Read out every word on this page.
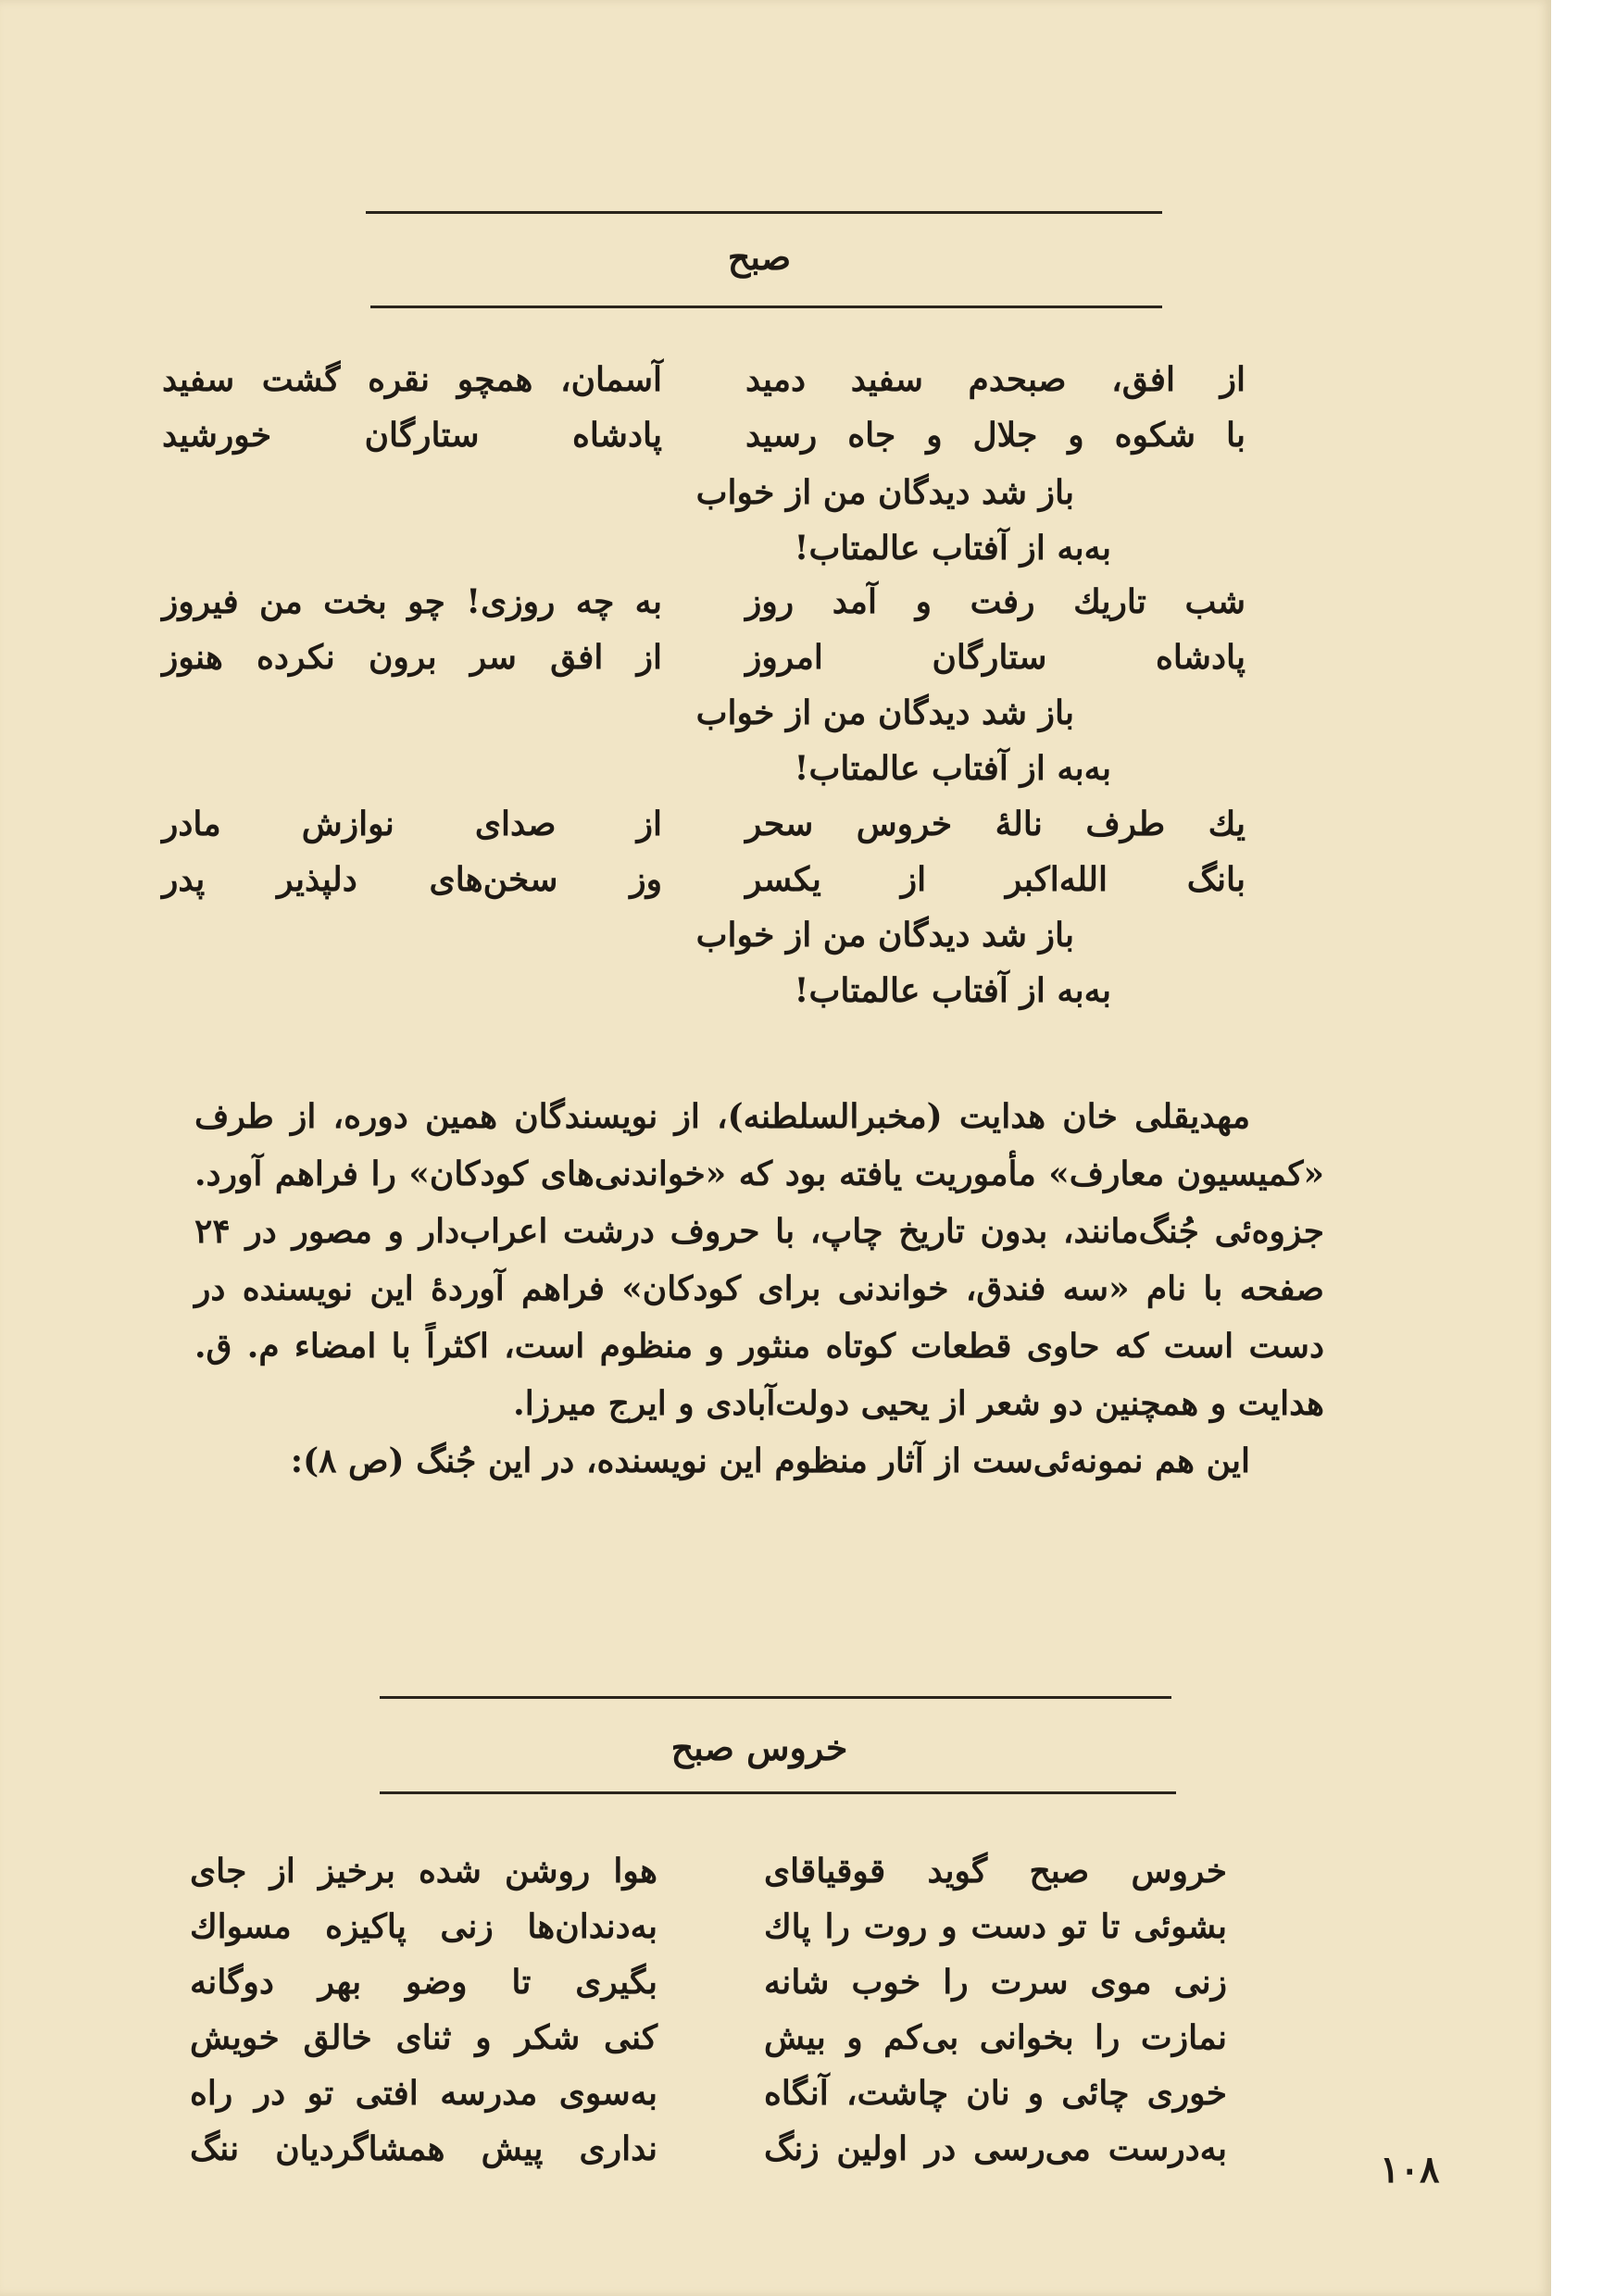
صبح
از افق، صبحدم سفید دمید
آسمان، همچو نقره گشت سفید
با شکوه و جلال و جاه رسید
پادشاه ستارگان خورشید
باز شد دیدگان من از خواب
به‌به از آفتاب عالمتاب!
شب تاریك رفت و آمد روز
به چه روزی! چو بخت من فیروز
پادشاه ستارگان امروز
از افق سر برون نکرده هنوز
باز شد دیدگان من از خواب
به‌به از آفتاب عالمتاب!
یك طرف نالهٔ خروس سحر
از صدای نوازش مادر
بانگ الله‌اکبر از یکسر
وز سخن‌های دلپذیر پدر
باز شد دیدگان من از خواب
به‌به از آفتاب عالمتاب!

مهدیقلی خان هدایت (مخبرالسلطنه)، از نویسندگان همین دوره، از طرف «کمیسیون معارف» مأموریت یافته بود که «خواندنی‌های کودکان» را فراهم آورد. جزوه‌ئی جُنگ‌مانند، بدون تاریخ چاپ، با حروف درشت اعراب‌دار و مصور در ۲۴ صفحه با نام «سه فندق، خواندنی برای کودکان» فراهم آوردهٔ این نویسنده در دست است که حاوی قطعات کوتاه منثور و منظوم است، اکثراً با امضاء م. ق. هدایت و همچنین دو شعر از یحیی دولت‌آبادی و ایرج میرزا.

این هم نمونه‌ئی‌ست از آثار منظوم این نویسنده، در این جُنگ (ص ۸):

خروس صبح
خروس صبح گوید قوقیاقای
هوا روشن شده برخیز از جای
بشوئی تا تو دست و روت را پاك
به‌دندان‌ها زنی پاکیزه مسواك
زنی موی سرت را خوب شانه
بگیری تا وضو بهر دوگانه
نمازت را بخوانی بی‌کم و بیش
کنی شکر و ثنای خالق خویش
خوری چائی و نان چاشت، آنگاه
به‌سوی مدرسه افتی تو در راه
به‌درست می‌رسی در اولین زنگ
نداری پیش همشاگردیان ننگ	۱۰۸
